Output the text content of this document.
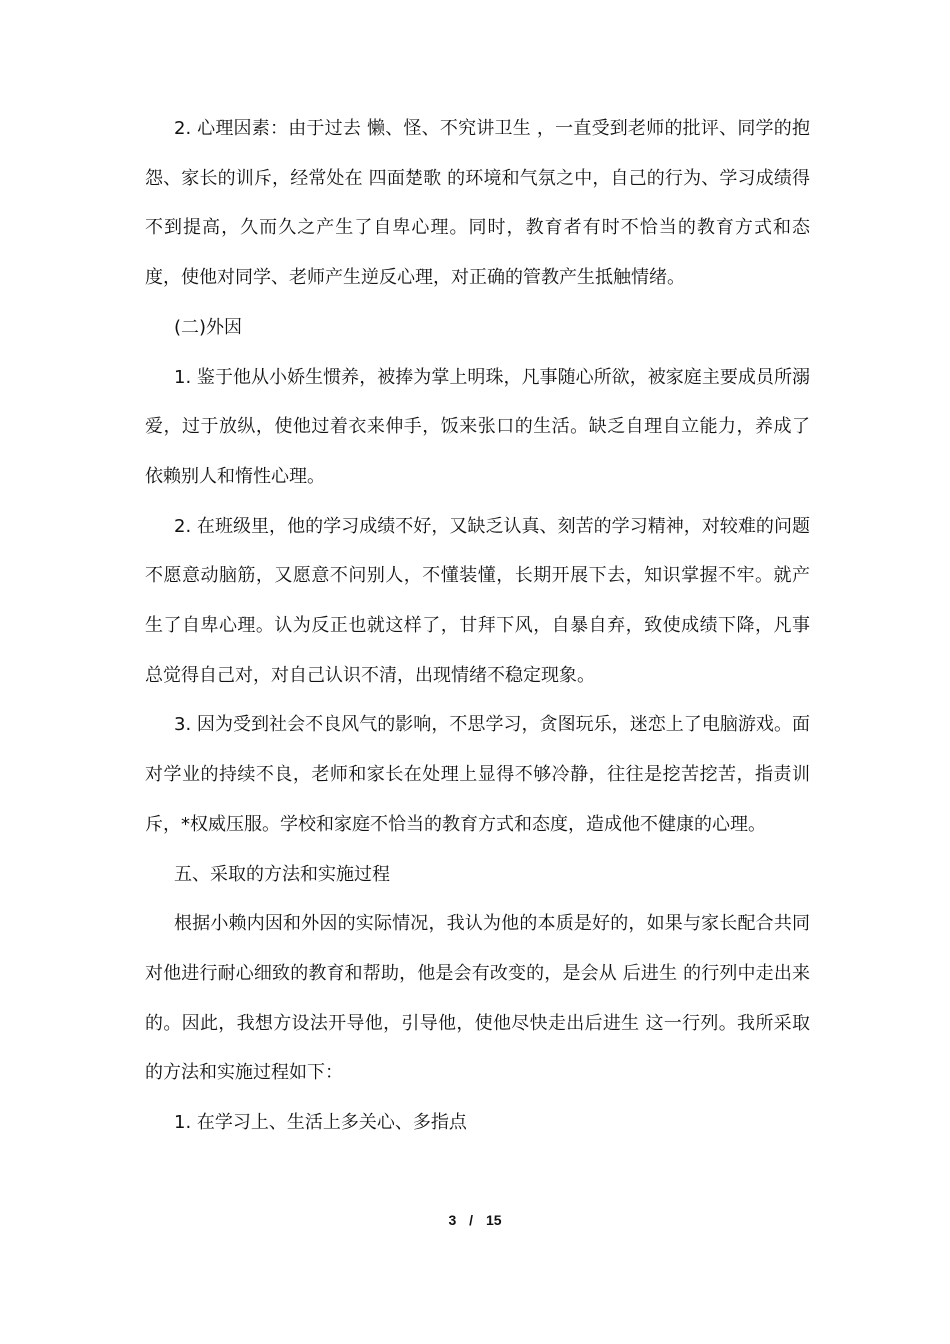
2. 心理因素：由于过去 懒、怪、不究讲卫生 ，一直受到老师的批评、同学的抱怨、家长的训斥，经常处在 四面楚歌 的环境和气氛之中，自己的行为、学习成绩得不到提高，久而久之产生了自卑心理。同时，教育者有时不恰当的教育方式和态度，使他对同学、老师产生逆反心理，对正确的管教产生抵触情绪。

(二)外因

1. 鉴于他从小娇生惯养，被捧为掌上明珠，凡事随心所欲，被家庭主要成员所溺爱，过于放纵，使他过着衣来伸手，饭来张口的生活。缺乏自理自立能力，养成了依赖别人和惰性心理。

2. 在班级里，他的学习成绩不好，又缺乏认真、刻苦的学习精神，对较难的问题不愿意动脑筋，又愿意不问别人，不懂装懂，长期开展下去，知识掌握不牢。就产生了自卑心理。认为反正也就这样了，甘拜下风，自暴自弃，致使成绩下降，凡事总觉得自己对，对自己认识不清，出现情绪不稳定现象。

3. 因为受到社会不良风气的影响，不思学习，贪图玩乐，迷恋上了电脑游戏。面对学业的持续不良，老师和家长在处理上显得不够冷静，往往是挖苦挖苦，指责训斥，*权威压服。学校和家庭不恰当的教育方式和态度，造成他不健康的心理。

五、采取的方法和实施过程

根据小赖内因和外因的实际情况，我认为他的本质是好的，如果与家长配合共同对他进行耐心细致的教育和帮助，他是会有改变的，是会从 后进生 的行列中走出来的。因此，我想方设法开导他，引导他，使他尽快走出后进生 这一行列。我所采取的方法和实施过程如下：

1. 在学习上、生活上多关心、多指点

3 / 15
